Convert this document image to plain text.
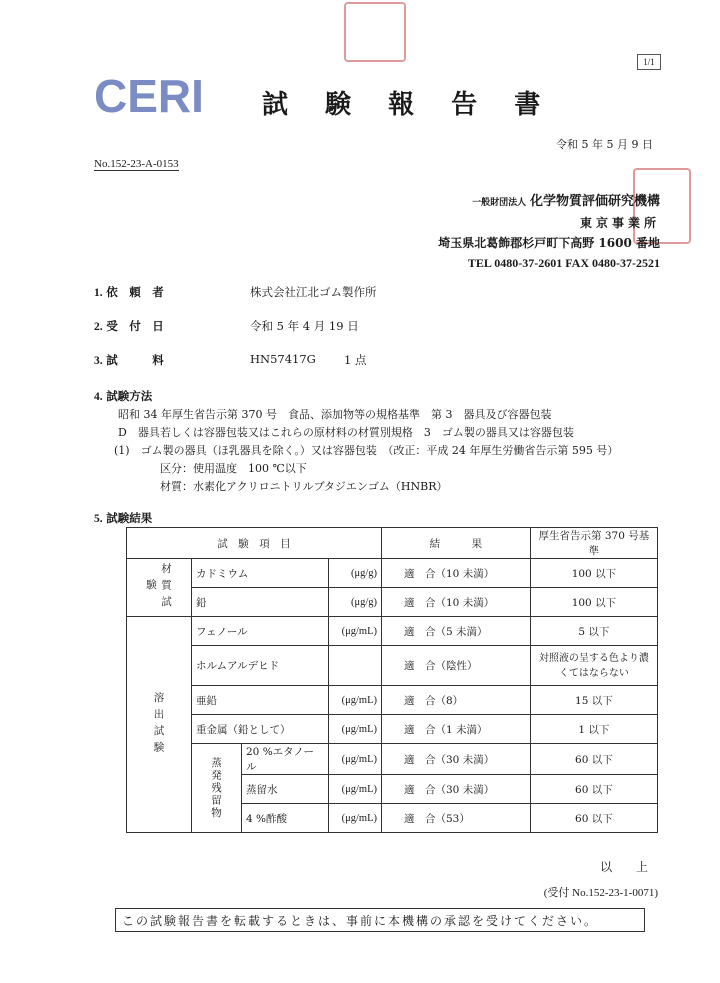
1/1
CERI 試 験 報 告 書
令和 5 年 5 月 9 日
No.152-23-A-0153
一般財団法人 化学物質評価研究機構
東京事業所
埼玉県北葛飾郡杉戸町下高野 1600 番地
TEL 0480-37-2601 FAX 0480-37-2521
1. 依　頼　者	株式会社江北ゴム製作所
2. 受　付　日	令和 5 年 4 月 19 日
3. 試　　　料	HN57417G 1 点
4. 試験方法
昭和 34 年厚生省告示第 370 号　食品、添加物等の規格基準　第 3　器具及び容器包装
D　器具若しくは容器包装又はこれらの原材料の材質別規格　3　ゴム製の器具又は容器包装
(1)　ゴム製の器具（ほ乳器具を除く。）又は容器包装　（改正：平成 24 年厚生労働省告示第 595 号）
区分：使用温度　100 ℃以下
材質：水素化アクリロニトリルブタジエンゴム（HNBR）
5. 試験結果
試　験　項　目				結　　　果	厚生省告示第 370 号基準
材質試験	カドミウム		(μg/g)	適　合（10 未満）	100 以下
	鉛		(μg/g)	適　合（10 未満）	100 以下
溶出試験	フェノール		(μg/mL)	適　合（5 未満）	5 以下
	ホルムアルデヒド			適　合（陰性）	対照液の呈する色より濃くてはならない
	亜鉛		(μg/mL)	適　合（8）	15 以下
	重金属（鉛として）		(μg/mL)	適　合（1 未満）	1 以下
	蒸発残留物	20 %エタノール	(μg/mL)	適　合（30 未満）	60 以下
		蒸留水	(μg/mL)	適　合（30 未満）	60 以下
		4 %酢酸	(μg/mL)	適　合（53）	60 以下
以 上
(受付 No.152-23-1-0071)
この試験報告書を転載するときは、事前に本機構の承認を受けてください。
